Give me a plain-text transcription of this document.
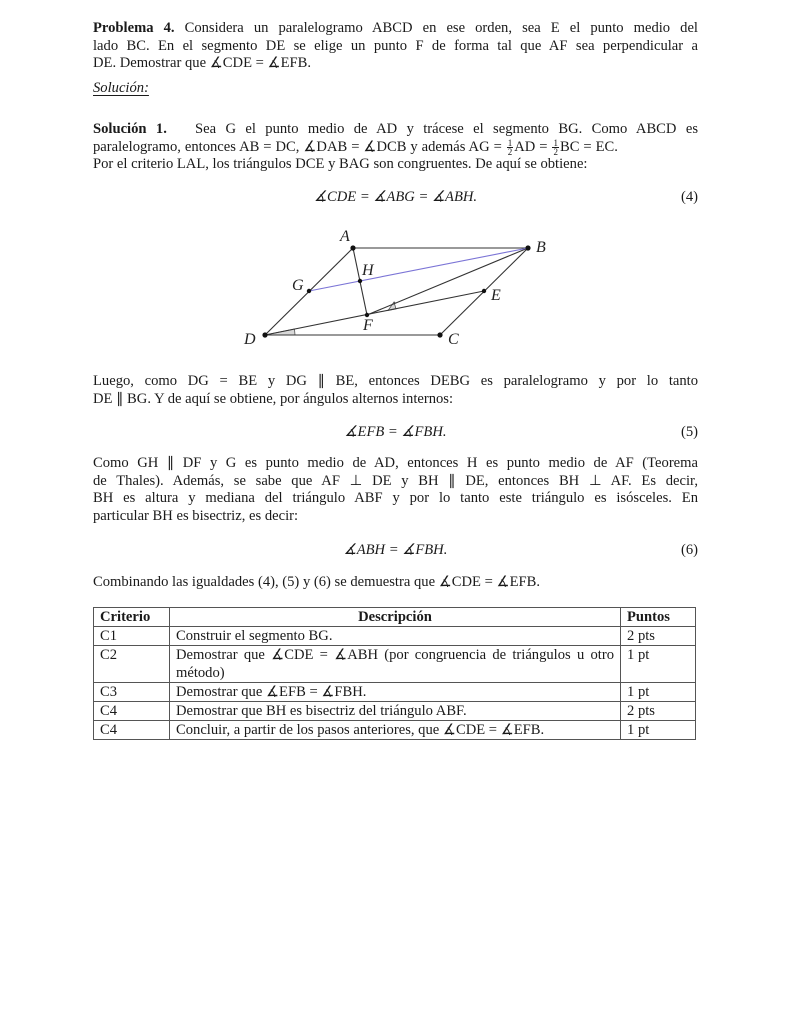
Problema 4. Considera un paralelogramo ABCD en ese orden, sea E el punto medio del
lado BC. En el segmento DE se elige un punto F de forma tal que AF sea perpendicular a
DE. Demostrar que ∡CDE = ∡EFB.
Solución:
Solución 1. Sea G el punto medio de AD y trácese el segmento BG. Como ABCD es
paralelogramo, entonces AB = DC, ∡DAB = ∡DCB y además AG = $\frac{1}{2}$ AD = $\frac{1}{2}$ BC = EC.
Por el criterio LAL, los triángulos DCE y BAG son congruentes. De aquí se obtiene:
∡CDE = ∡ABG = ∡ABH.	(4)
A
B
C
D
E
F
G
H
Luego, como DG = BE y DG ∥ BE, entonces DEBG es paralelogramo y por lo tanto
DE ∥ BG. Y de aquí se obtiene, por ángulos alternos internos:
∡EFB = ∡FBH.	(5)
Como GH ∥ DF y G es punto medio de AD, entonces H es punto medio de AF (Teorema
de Thales). Además, se sabe que AF ⊥ DE y BH ∥ DE, entonces BH ⊥ AF. Es decir,
BH es altura y mediana del triángulo ABF y por lo tanto este triángulo es isósceles. En
particular BH es bisectriz, es decir:
∡ABH = ∡FBH.	(6)
Combinando las igualdades (4), (5) y (6) se demuestra que ∡CDE = ∡EFB.
Criterio	Descripción	Puntos
C1	Construir el segmento BG.	2 pts
C2	Demostrar que ∡CDE = ∡ABH (por congruencia de triángulos u otro método)	1 pt
C3	Demostrar que ∡EFB = ∡FBH.	1 pt
C4	Demostrar que BH es bisectriz del triángulo ABF.	2 pts
C4	Concluir, a partir de los pasos anteriores, que ∡CDE = ∡EFB.	1 pt
